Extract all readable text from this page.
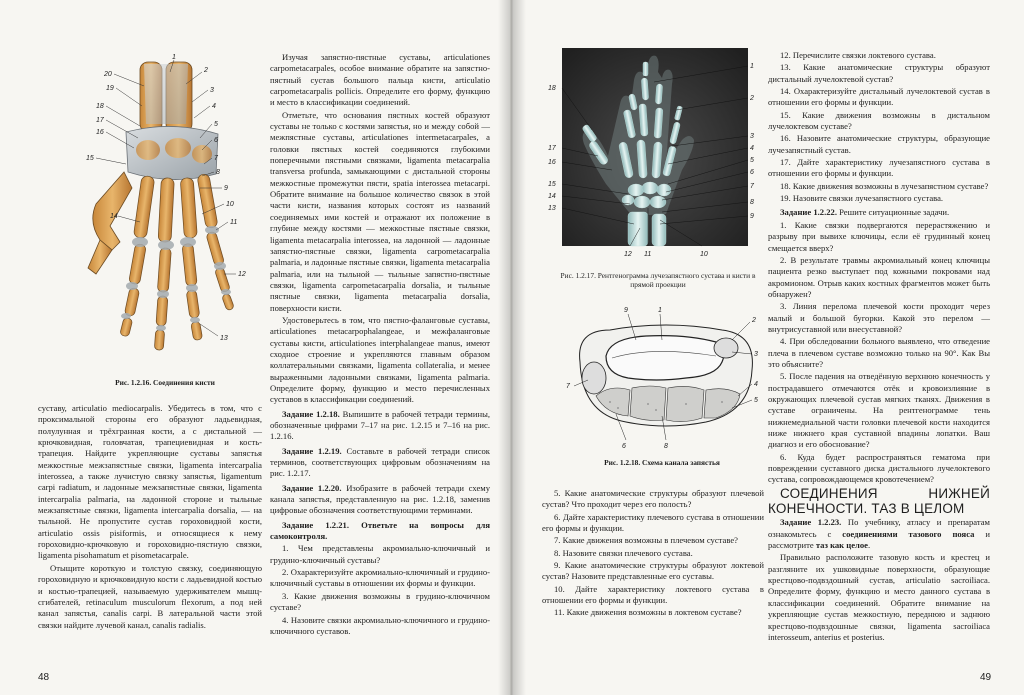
1
2
3
4
5
6
7
8
9
10
11
12
13
14
15
16
17
18
19
20
Рис. 1.2.16. Соединения кисти

суставу, articulatio mediocarpalis. Убедитесь в том, что с проксимальной стороны его образуют ладьевидная, полулунная и трёхгранная кости, а с дистальной — крючковидная, головчатая, трапециевидная и кость-трапеция. Найдите укрепляющие суставы запястья межкостные межзапястные связки, ligamenta intercarpalia interossea, а также лучистую связку запястья, ligamentum carpi radiatum, и ладонные межзапястные связки, ligamenta intercarpalia palmaria, на ладонной стороне и тыльные межзапястные связки, ligamenta intercarpalia dorsalia, — на тыльной. Не пропустите сустав гороховидной кости, articulatio ossis pisiformis, и относящиеся к нему гороховидно-крючковую и гороховидно-пястную связки, ligamenta pisohamatum et pisometacarpale.

Отыщите короткую и толстую связку, соединяющую гороховидную и крючковидную кости с ладьевидной костью и костью-трапецией, называемую удерживателем мышц-сгибателей, retinaculum musculorum flexorum, а под ней канал запястья, canalis carpi. В латеральной части этой связки найдите лучевой канал, canalis radialis.

Изучая запястно-пястные суставы, articulationes carpometacarpales, особое внимание обратите на запястно-пястный сустав большого пальца кисти, articulatio carpometacarpalis pollicis. Определите его форму, функцию и место в классификации соединений.

Отметьте, что основания пястных костей образуют суставы не только с костями запястья, но и между собой — межпястные суставы, articulationes intermetacarpales, а головки пястных костей соединяются глубокими поперечными пястными связками, ligamenta metacarpalia transversa profunda, замыкающими с дистальной стороны межкостные промежутки пясти, spatia interossea metacarpi. Обратите внимание на большое количество связок в этой части кисти, названия которых состоят из названий соединяемых ими костей и отражают их положение в глубине между костями — межкостные пястные связки, ligamenta metacarpalia interossea, на ладонной — ладонные запястно-пястные связки, ligamenta carpometacarpalia palmaria, и ладонные пястные связки, ligamenta metacarpalia palmaria, или на тыльной — тыльные запястно-пястные связки, ligamenta carpometacarpalia dorsalia, и тыльные пястные связки, ligamenta metacarpalia dorsalia, поверхности кисти.

Удостоверьтесь в том, что пястно-фаланговые суставы, articulationes metacarpophalangeae, и межфаланговые суставы кисти, articulationes interphalangeae manus, имеют сходное строение и укрепляются главным образом коллатеральными связками, ligamenta collateralia, и менее выраженными ладонными связками, ligamenta palmaria. Определите форму, функцию и место перечисленных суставов в классификации соединений.

Задание 1.2.18. Выпишите в рабочей тетради термины, обозначенные цифрами 7–17 на рис. 1.2.15 и 7–16 на рис. 1.2.16.

Задание 1.2.19. Составьте в рабочей тетради список терминов, соответствующих цифровым обозначениям на рис. 1.2.17.

Задание 1.2.20. Изобразите в рабочей тетради схему канала запястья, представленную на рис. 1.2.18, заменив цифровые обозначения соответствующими терминами.

Задание 1.2.21. Ответьте на вопросы для самоконтроля.

1. Чем представлены акромиально-ключичный и грудино-ключичный суставы?

2. Охарактеризуйте акромиально-ключичный и грудино-ключичный суставы в отношении их формы и функции.

3. Какие движения возможны в грудино-ключичном суставе?

4. Назовите связки акромиально-ключичного и грудино-ключичного суставов.

48
1
2
3
4
5
6
7
8
9
18
17
16
15
14
13
12 11	10
Рис. 1.2.17. Рентгенограмма лучезапястного сустава и кисти в прямой проекции
9	1
2
3
4
5
6
7
8
Рис. 1.2.18. Схема канала запястья

5. Какие анатомические структуры образуют плечевой сустав? Что проходит через его полость?

6. Дайте характеристику плечевого сустава в отношении его формы и функции.

7. Какие движения возможны в плечевом суставе?

8. Назовите связки плечевого сустава.

9. Какие анатомические структуры образуют локтевой сустав? Назовите представленные его суставы.

10. Дайте характеристику локтевого сустава в отношении его формы и функции.

11. Какие движения возможны в локтевом суставе?

12. Перечислите связки локтевого сустава.

13. Какие анатомические структуры образуют дистальный лучелоктевой сустав?

14. Охарактеризуйте дистальный лучелоктевой сустав в отношении его формы и функции.

15. Какие движения возможны в дистальном лучелоктевом суставе?

16. Назовите анатомические структуры, образующие лучезапястный сустав.

17. Дайте характеристику лучезапястного сустава в отношении его формы и функции.

18. Какие движения возможны в лучезапястном суставе?

19. Назовите связки лучезапястного сустава.

Задание 1.2.22. Решите ситуационные задачи.

1. Какие связки подвергаются перерастяжению и разрыву при вывихе ключицы, если её грудинный конец смещается вверх?

2. В результате травмы акромиальный конец ключицы пациента резко выступает под кожными покровами над акромионом. Отрыв каких костных фрагментов может быть обнаружен?

3. Линия перелома плечевой кости проходит через малый и большой бугорки. Какой это перелом — внутрисуставной или внесуставной?

4. При обследовании больного выявлено, что отведение плеча в плечевом суставе возможно только на 90°. Как Вы это объясните?

5. После падения на отведённую верхнюю конечность у пострадавшего отмечаются отёк и кровоизлияние в окружающих плечевой сустав мягких тканях. Движения в суставе ограничены. На рентгенограмме тень нижнемедиальной части головки плечевой кости находится ниже нижнего края суставной впадины лопатки. Ваш диагноз и его обоснование?

6. Куда будет распространяться гематома при повреждении суставного диска дистального лучелоктевого сустава, сопровождающемся кровотечением?

СОЕДИНЕНИЯ НИЖНЕЙ КОНЕЧНОСТИ. ТАЗ В ЦЕЛОМ

Задание 1.2.23. По учебнику, атласу и препаратам ознакомьтесь с соединениями тазового пояса и рассмотрите таз как целое.

Правильно расположите тазовую кость и крестец и разгляните их ушковидные поверхности, образующие крестцово-подвздошный сустав, articulatio sacroiliaca. Определите форму, функцию и место данного сустава в классификации соединений. Обратите внимание на укрепляющие сустав межкостную, переднюю и заднюю крестцово-подвздошные связки, ligamenta sacroiliaca interosseum, anterius et posterius.

49
